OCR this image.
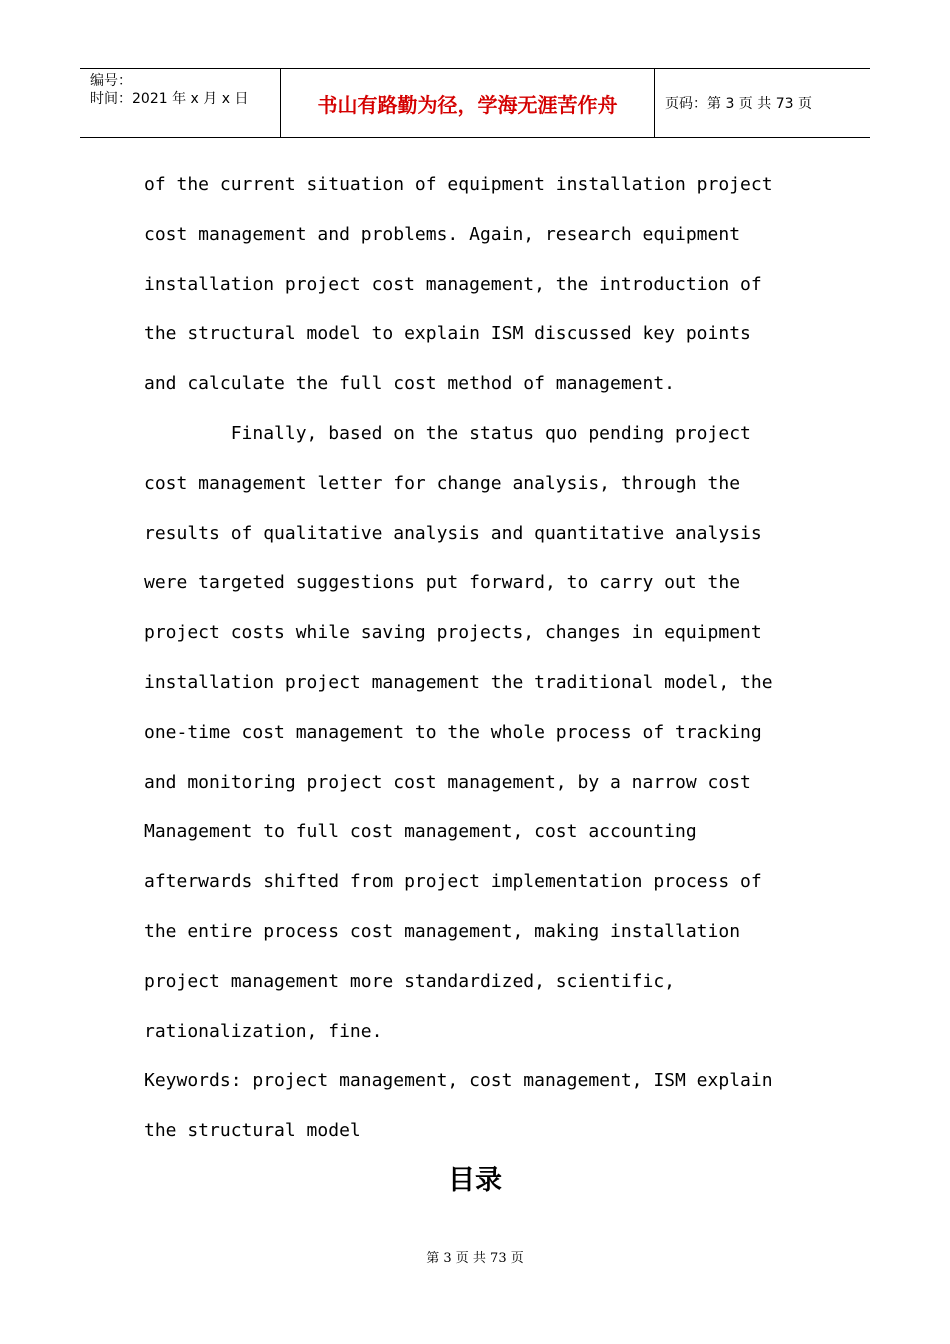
编号：
时间：2021 年 x 月 x 日	书山有路勤为径，学海无涯苦作舟	页码：第 3 页 共 73 页
of the current situation of equipment installation project
cost management and problems. Again, research equipment
installation project cost management, the introduction of
the structural model to explain ISM discussed key points
and calculate the full cost method of management.
Finally, based on the status quo pending project
cost management letter for change analysis, through the
results of qualitative analysis and quantitative analysis
were targeted suggestions put forward, to carry out the
project costs while saving projects, changes in equipment
installation project management the traditional model, the
one-time cost management to the whole process of tracking
and monitoring project cost management, by a narrow cost
Management to full cost management, cost accounting
afterwards shifted from project implementation process of
the entire process cost management, making installation
project management more standardized, scientific,
rationalization, fine.
Keywords: project management, cost management, ISM explain
the structural model
目录
第 3 页 共 73 页
